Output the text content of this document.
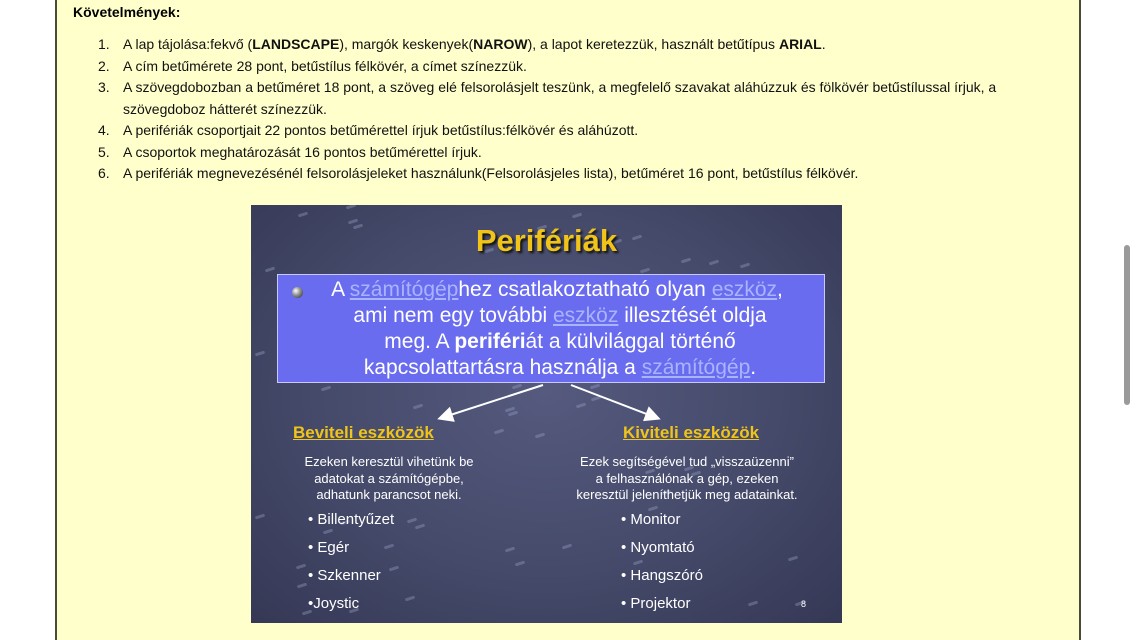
Követelmények:
1. A lap tájolása:fekvő (LANDSCAPE), margók keskenyek(NAROW), a lapot keretezzük, használt betűtípus ARIAL.
2. A cím betűmérete 28 pont, betűstílus félkövér, a címet színezzük.
3. A szövegdobozban a betűméret 18 pont, a szöveg elé felsorolásjelt teszünk, a megfelelő szavakat aláhúzzuk és fölkövér betűstílussal írjuk, a szövegdoboz hátterét színezzük.
4. A perifériák csoportjait 22 pontos betűmérettel írjuk betűstílus:félkövér és aláhúzott.
5. A csoportok meghatározását 16 pontos betűmérettel írjuk.
6. A perifériák megnevezésénél felsorolásjeleket használunk(Felsorolásjeles lista), betűméret 16 pont, betűstílus félkövér.
Perifériák
A számítógéphez csatlakoztatható olyan eszköz,
ami nem egy további eszköz illesztését oldja
meg. A perifériát a külvilággal történő
kapcsolattartásra használja a számítógép.
Beviteli eszközök
Ezeken keresztül vihetünk be
adatokat a számítógépbe,
adhatunk parancsot neki.
• Billentyűzet
• Egér
• Szkenner
•Joystic
Kiviteli eszközök
Ezek segítségével tud „visszaüzenni”
a felhasználónak a gép, ezeken
keresztül jeleníthetjük meg adatainkat.
• Monitor
• Nyomtató
• Hangszóró
• Projektor	8
